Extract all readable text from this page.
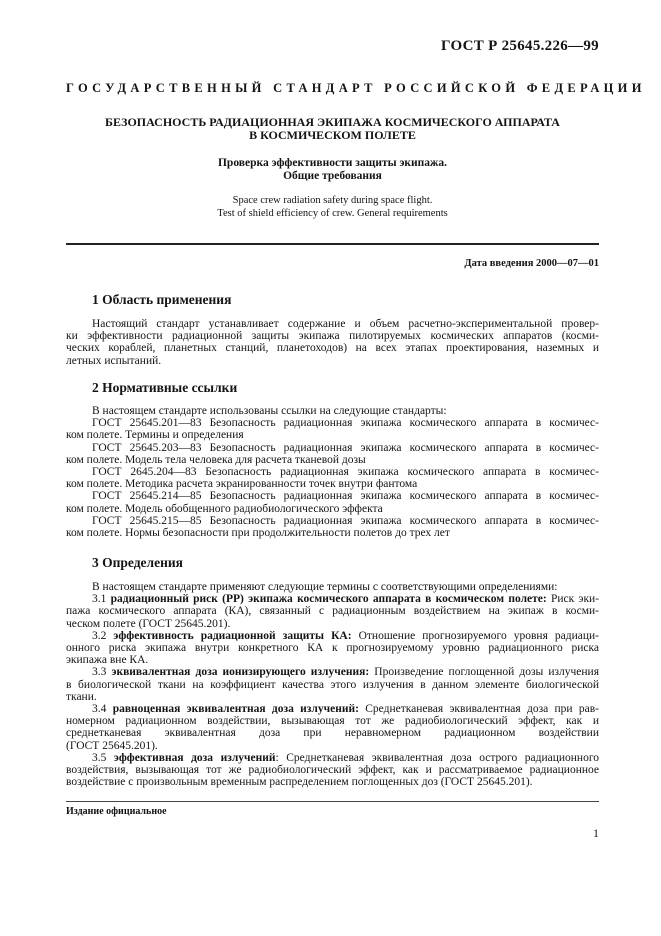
ГОСТ Р 25645.226—99
ГОСУДАРСТВЕННЫЙ СТАНДАРТ РОССИЙСКОЙ ФЕДЕРАЦИИ
БЕЗОПАСНОСТЬ РАДИАЦИОННАЯ ЭКИПАЖА КОСМИЧЕСКОГО АППАРАТА
В КОСМИЧЕСКОМ ПОЛЕТЕ
Проверка эффективности защиты экипажа.
Общие требования
Space crew radiation safety during space flight.
Test of shield efficiency of crew. General requirements
Дата введения 2000—07—01
1 Область применения
Настоящий стандарт устанавливает содержание и объем расчетно-экспериментальной провер-
ки эффективности радиационной защиты экипажа пилотируемых космических аппаратов (косми-
ческих кораблей, планетных станций, планетоходов) на всех этапах проектирования, наземных и
летных испытаний.
2 Нормативные ссылки
В настоящем стандарте использованы ссылки на следующие стандарты:
ГОСТ 25645.201—83 Безопасность радиационная экипажа космического аппарата в космичес-
ком полете. Термины и определения
ГОСТ 25645.203—83 Безопасность радиационная экипажа космического аппарата в космичес-
ком полете. Модель тела человека для расчета тканевой дозы
ГОСТ 2645.204—83 Безопасность радиационная экипажа космического аппарата в космичес-
ком полете. Методика расчета экранированности точек внутри фантома
ГОСТ 25645.214—85 Безопасность радиационная экипажа космического аппарата в космичес-
ком полете. Модель обобщенного радиобиологического эффекта
ГОСТ 25645.215—85 Безопасность радиационная экипажа космического аппарата в космичес-
ком полете. Нормы безопасности при продолжительности полетов до трех лет
3 Определения
В настоящем стандарте применяют следующие термины с соответствующими определениями:
3.1 радиационный риск (РР) экипажа космического аппарата в космическом полете: Риск эки-
пажа космического аппарата (КА), связанный с радиационным воздействием на экипаж в косми-
ческом полете (ГОСТ 25645.201).
3.2 эффективность радиационной защиты КА: Отношение прогнозируемого уровня радиаци-
онного риска экипажа внутри конкретного КА к прогнозируемому уровню радиационного риска
экипажа вне КА.
3.3 эквивалентная доза ионизирующего излучения: Произведение поглощенной дозы излучения
в биологической ткани на коэффициент качества этого излучения в данном элементе биологической
ткани.
3.4 равноценная эквивалентная доза излучений: Среднетканевая эквивалентная доза при рав-
номерном радиационном воздействии, вызывающая тот же радиобиологический эффект, как и
среднетканевая эквивалентная доза при неравномерном радиационном воздействии
(ГОСТ 25645.201).
3.5 эффективная доза излучений: Среднетканевая эквивалентная доза острого радиационного
воздействия, вызывающая тот же радиобиологический эффект, как и рассматриваемое радиационное
воздействие с произвольным временным распределением поглощенных доз (ГОСТ 25645.201).
Издание официальное
1
